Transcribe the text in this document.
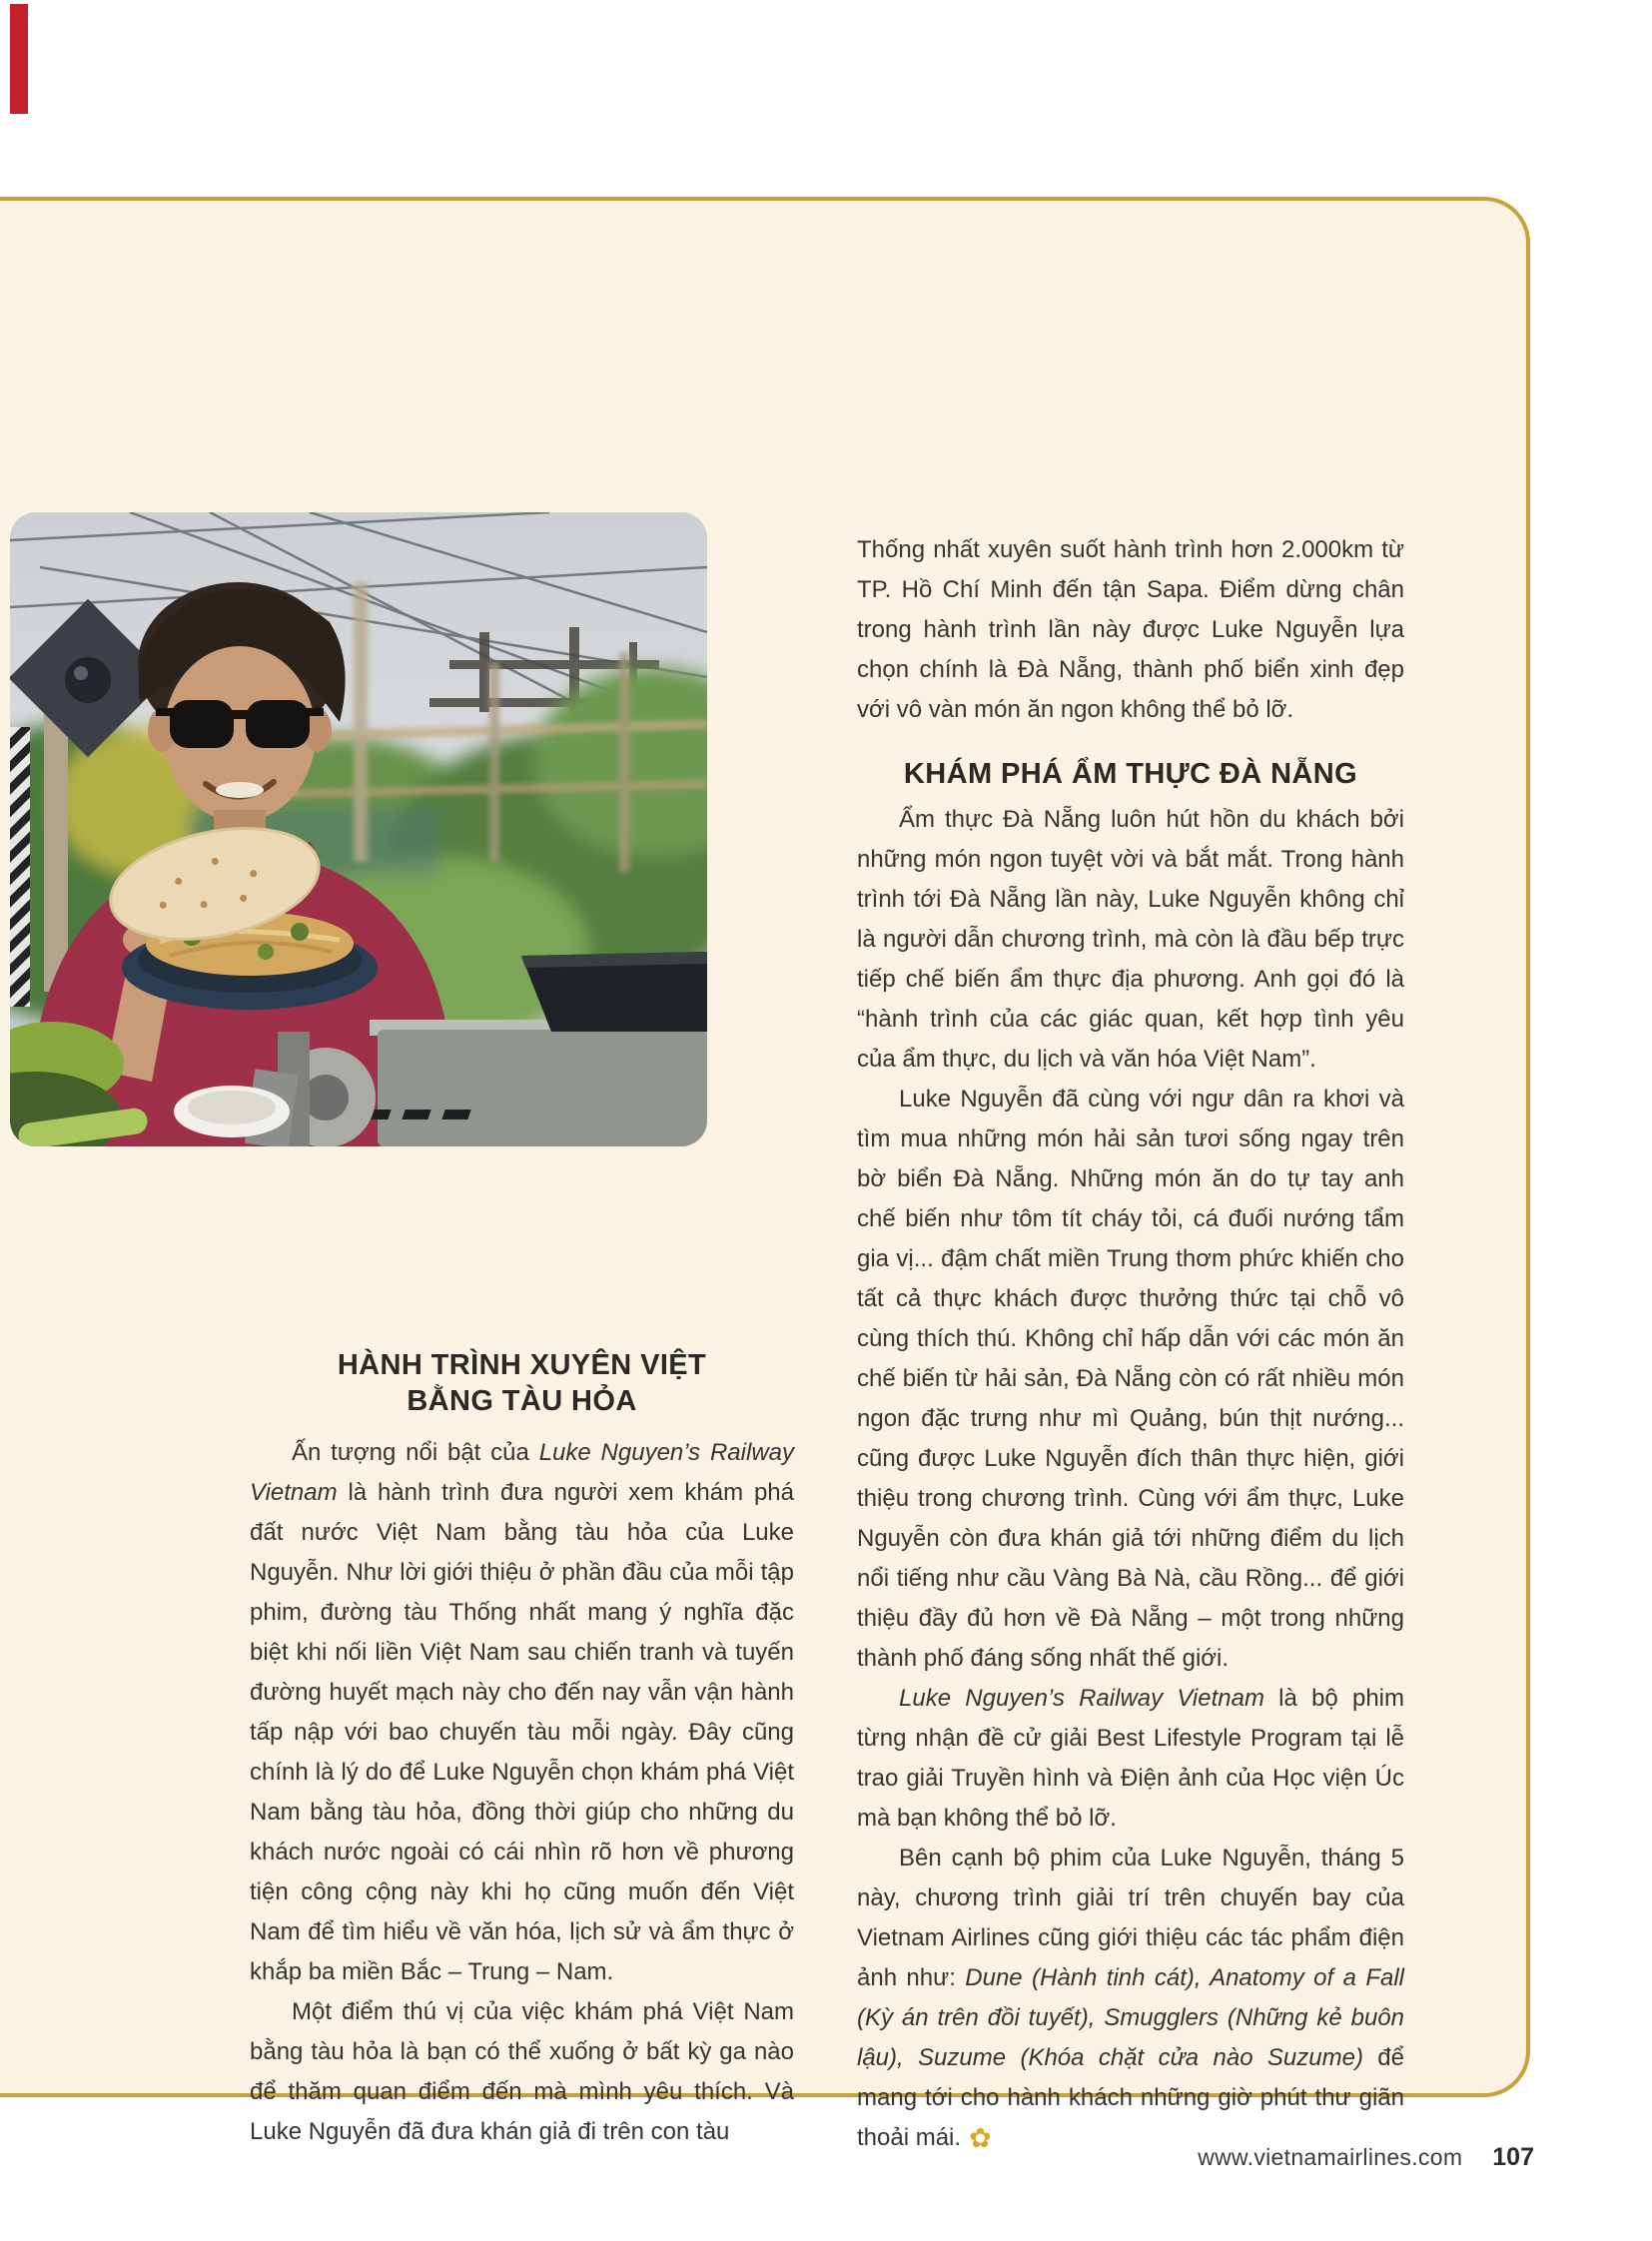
HÀNH TRÌNH XUYÊN VIỆT
BẰNG TÀU HỎA

Ấn tượng nổi bật của Luke Nguyen’s Railway Vietnam là hành trình đưa người xem khám phá đất nước Việt Nam bằng tàu hỏa của Luke Nguyễn. Như lời giới thiệu ở phần đầu của mỗi tập phim, đường tàu Thống nhất mang ý nghĩa đặc biệt khi nối liền Việt Nam sau chiến tranh và tuyến đường huyết mạch này cho đến nay vẫn vận hành tấp nập với bao chuyến tàu mỗi ngày. Đây cũng chính là lý do để Luke Nguyễn chọn khám phá Việt Nam bằng tàu hỏa, đồng thời giúp cho những du khách nước ngoài có cái nhìn rõ hơn về phương tiện công cộng này khi họ cũng muốn đến Việt Nam để tìm hiểu về văn hóa, lịch sử và ẩm thực ở khắp ba miền Bắc – Trung – Nam.

Một điểm thú vị của việc khám phá Việt Nam bằng tàu hỏa là bạn có thể xuống ở bất kỳ ga nào để thăm quan điểm đến mà mình yêu thích. Và Luke Nguyễn đã đưa khán giả đi trên con tàu

Thống nhất xuyên suốt hành trình hơn 2.000km từ TP. Hồ Chí Minh đến tận Sapa. Điểm dừng chân trong hành trình lần này được Luke Nguyễn lựa chọn chính là Đà Nẵng, thành phố biển xinh đẹp với vô vàn món ăn ngon không thể bỏ lỡ.

KHÁM PHÁ ẨM THỰC ĐÀ NẴNG

Ẩm thực Đà Nẵng luôn hút hồn du khách bởi những món ngon tuyệt vời và bắt mắt. Trong hành trình tới Đà Nẵng lần này, Luke Nguyễn không chỉ là người dẫn chương trình, mà còn là đầu bếp trực tiếp chế biến ẩm thực địa phương. Anh gọi đó là “hành trình của các giác quan, kết hợp tình yêu của ẩm thực, du lịch và văn hóa Việt Nam”.

Luke Nguyễn đã cùng với ngư dân ra khơi và tìm mua những món hải sản tươi sống ngay trên bờ biển Đà Nẵng. Những món ăn do tự tay anh chế biến như tôm tít cháy tỏi, cá đuối nướng tẩm gia vị... đậm chất miền Trung thơm phức khiến cho tất cả thực khách được thưởng thức tại chỗ vô cùng thích thú. Không chỉ hấp dẫn với các món ăn chế biến từ hải sản, Đà Nẵng còn có rất nhiều món ngon đặc trưng như mì Quảng, bún thịt nướng... cũng được Luke Nguyễn đích thân thực hiện, giới thiệu trong chương trình. Cùng với ẩm thực, Luke Nguyễn còn đưa khán giả tới những điểm du lịch nổi tiếng như cầu Vàng Bà Nà, cầu Rồng... để giới thiệu đầy đủ hơn về Đà Nẵng – một trong những thành phố đáng sống nhất thế giới.

Luke Nguyen’s Railway Vietnam là bộ phim từng nhận đề cử giải Best Lifestyle Program tại lễ trao giải Truyền hình và Điện ảnh của Học viện Úc mà bạn không thể bỏ lỡ.

Bên cạnh bộ phim của Luke Nguyễn, tháng 5 này, chương trình giải trí trên chuyến bay của Vietnam Airlines cũng giới thiệu các tác phẩm điện ảnh như: Dune (Hành tinh cát), Anatomy of a Fall (Kỳ án trên đồi tuyết), Smugglers (Những kẻ buôn lậu), Suzume (Khóa chặt cửa nào Suzume) để mang tới cho hành khách những giờ phút thư giãn thoải mái. ✿

www.vietnamairlines.com 107
